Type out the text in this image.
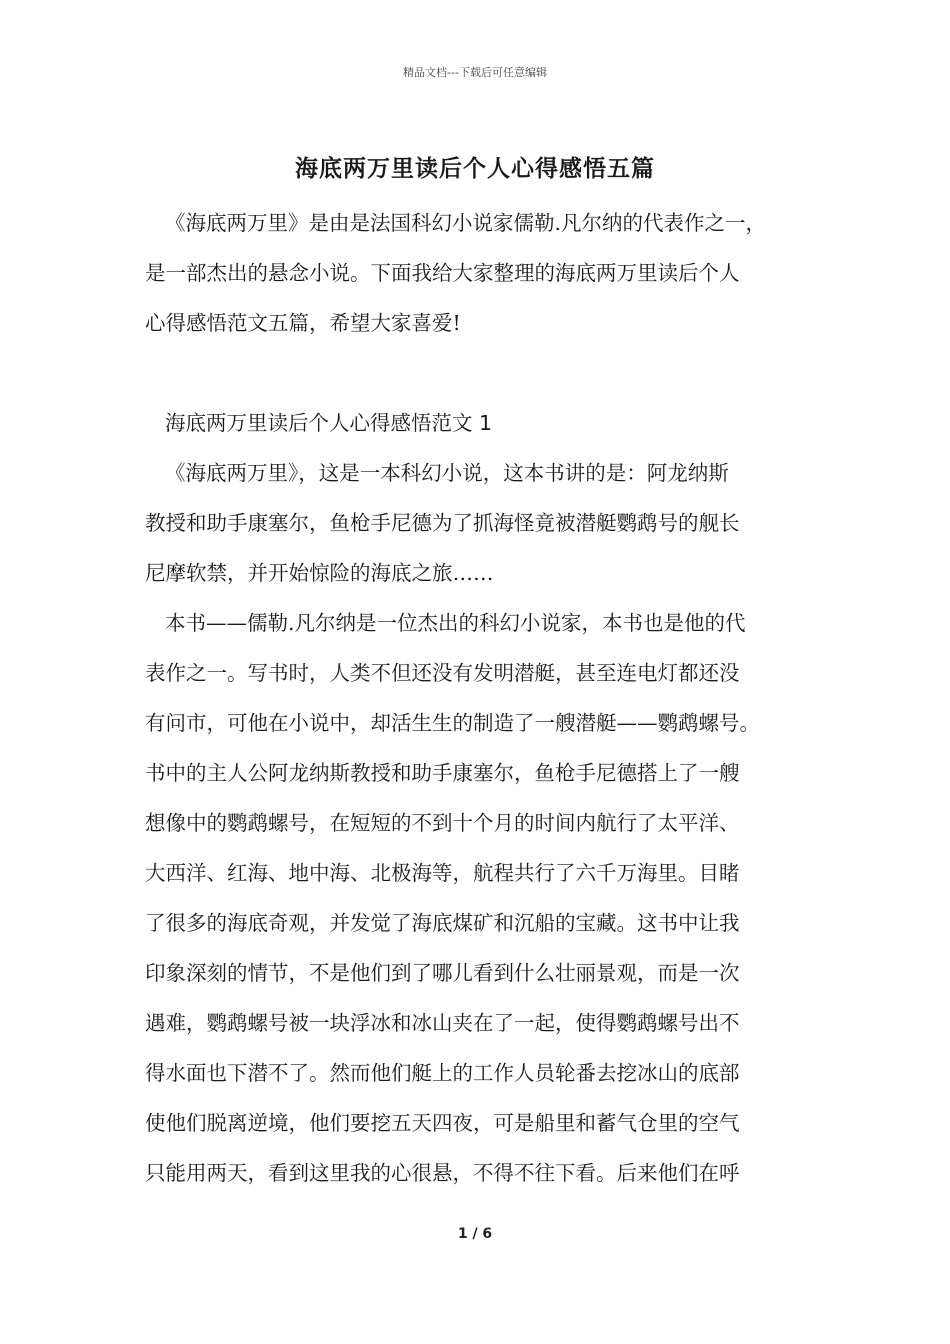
精品文档---下载后可任意编辑
海底两万里读后个人心得感悟五篇
《海底两万里》是由是法国科幻小说家儒勒.凡尔纳的代表作之一，
是一部杰出的悬念小说。下面我给大家整理的海底两万里读后个人
心得感悟范文五篇，希望大家喜爱!
海底两万里读后个人心得感悟范文 1
《海底两万里》，这是一本科幻小说，这本书讲的是：阿龙纳斯
教授和助手康塞尔，鱼枪手尼德为了抓海怪竟被潜艇鹦鹉号的舰长
尼摩软禁，并开始惊险的海底之旅……
本书——儒勒.凡尔纳是一位杰出的科幻小说家，本书也是他的代
表作之一。写书时，人类不但还没有发明潜艇，甚至连电灯都还没
有问市，可他在小说中，却活生生的制造了一艘潜艇——鹦鹉螺号。
书中的主人公阿龙纳斯教授和助手康塞尔，鱼枪手尼德搭上了一艘
想像中的鹦鹉螺号，在短短的不到十个月的时间内航行了太平洋、
大西洋、红海、地中海、北极海等，航程共行了六千万海里。目睹
了很多的海底奇观，并发觉了海底煤矿和沉船的宝藏。这书中让我
印象深刻的情节，不是他们到了哪儿看到什么壮丽景观，而是一次
遇难，鹦鹉螺号被一块浮冰和冰山夹在了一起，使得鹦鹉螺号出不
得水面也下潜不了。然而他们艇上的工作人员轮番去挖冰山的底部
使他们脱离逆境，他们要挖五天四夜，可是船里和蓄气仓里的空气
只能用两天，看到这里我的心很悬，不得不往下看。后来他们在呼
1 / 6
